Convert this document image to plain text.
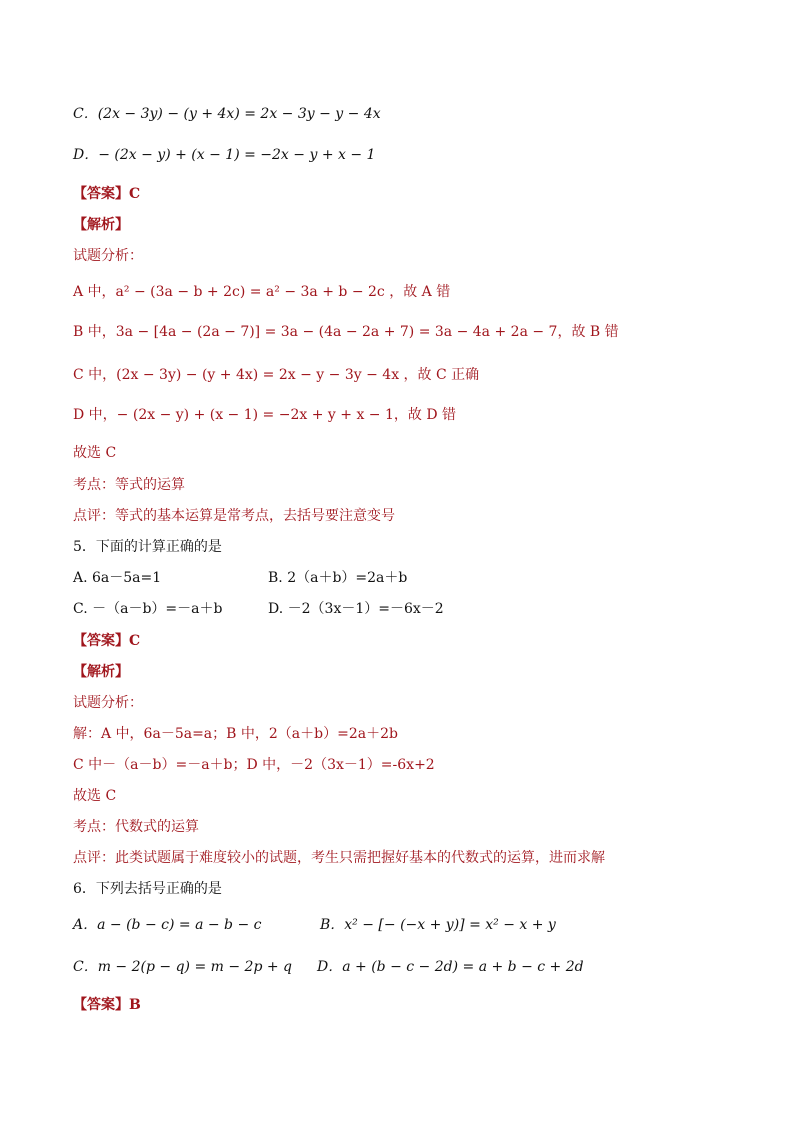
C．(2x − 3y) − (y + 4x) = 2x − 3y − y − 4x
D．− (2x − y) + (x − 1) = −2x − y + x − 1
【答案】C
【解析】
试题分析：
A 中，a² − (3a − b + 2c) = a² − 3a + b − 2c ，故 A 错
B 中，3a − [4a − (2a − 7)] = 3a − (4a − 2a + 7) = 3a − 4a + 2a − 7，故 B 错
C 中，(2x − 3y) − (y + 4x) = 2x − y − 3y − 4x ，故 C 正确
D 中，− (2x − y) + (x − 1) = −2x + y + x − 1，故 D 错
故选 C
考点：等式的运算
点评：等式的基本运算是常考点，去括号要注意变号
5．下面的计算正确的是
A. 6a－5a=1	B. 2（a＋b）=2a＋b
C. －（a－b）=－a＋b	D. －2（3x－1）=－6x－2
【答案】C
【解析】
试题分析：
解：A 中，6a－5a=a；B 中，2（a＋b）=2a＋2b
C 中－（a－b）=－a＋b；D 中，－2（3x－1）=-6x+2
故选 C
考点：代数式的运算
点评：此类试题属于难度较小的试题，考生只需把握好基本的代数式的运算，进而求解
6．下列去括号正确的是
A．a − (b − c) = a − b − c	B．x² − [− (−x + y)] = x² − x + y
C．m − 2(p − q) = m − 2p + q D．a + (b − c − 2d) = a + b − c + 2d
【答案】B
